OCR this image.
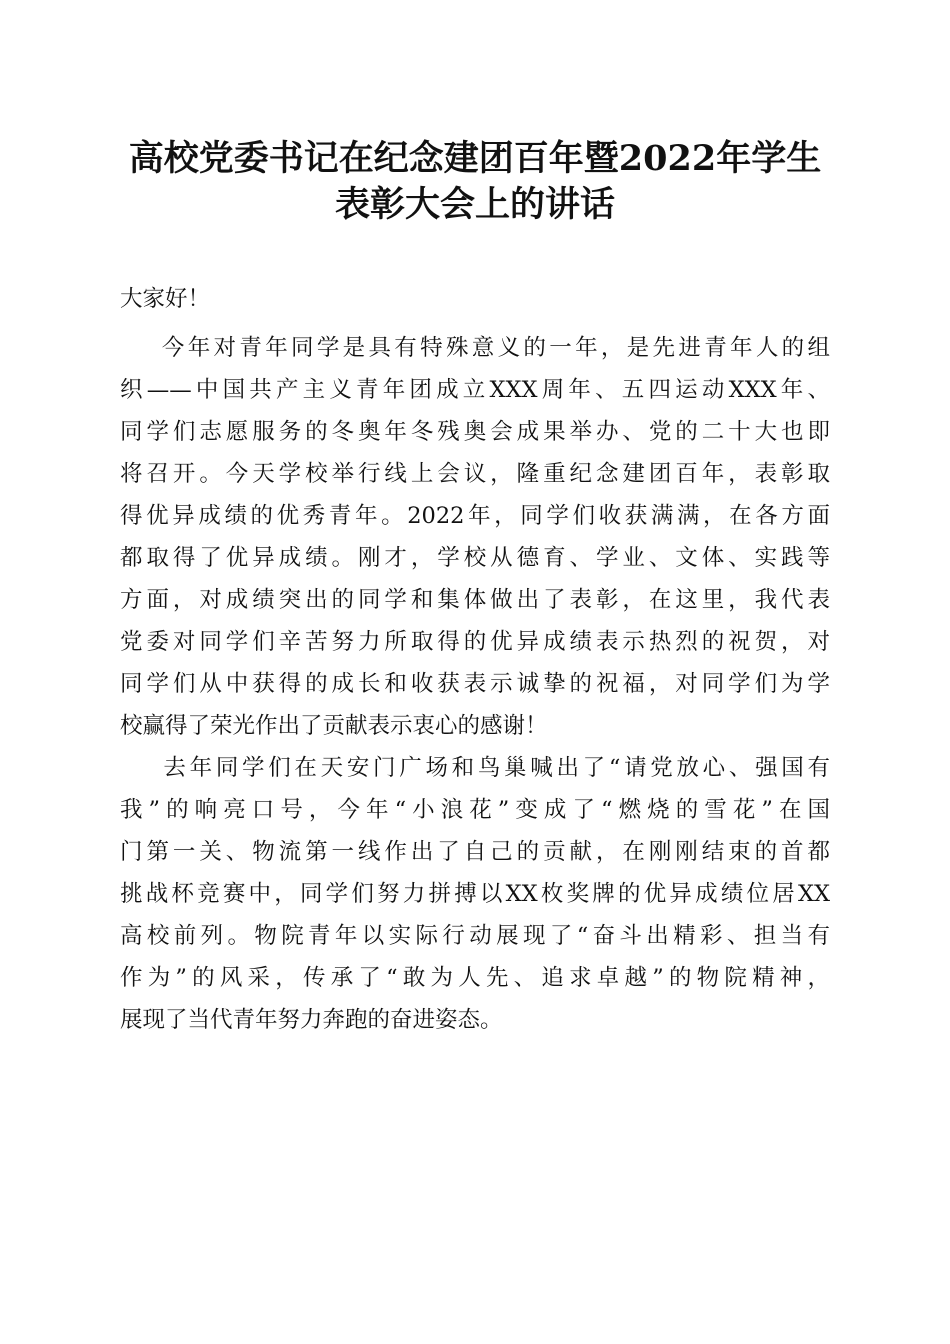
高校党委书记在纪念建团百年暨2022年学生
表彰大会上的讲话

大家好！

今年对青年同学是具有特殊意义的一年，是先进青年人的组

织——中国共产主义青年团成立XXX周年、五四运动XXX年、

同学们志愿服务的冬奥年冬残奥会成果举办、党的二十大也即

将召开。今天学校举行线上会议，隆重纪念建团百年，表彰取

得优异成绩的优秀青年。2022年，同学们收获满满，在各方面

都取得了优异成绩。刚才，学校从德育、学业、文体、实践等

方面，对成绩突出的同学和集体做出了表彰，在这里，我代表

党委对同学们辛苦努力所取得的优异成绩表示热烈的祝贺，对

同学们从中获得的成长和收获表示诚挚的祝福，对同学们为学

校赢得了荣光作出了贡献表示衷心的感谢！

去年同学们在天安门广场和鸟巢喊出了“请党放心、强国有

我”的响亮口号，今年“小浪花”变成了“燃烧的雪花”在国

门第一关、物流第一线作出了自己的贡献，在刚刚结束的首都

挑战杯竞赛中，同学们努力拼搏以XX枚奖牌的优异成绩位居XX

高校前列。物院青年以实际行动展现了“奋斗出精彩、担当有

作为”的风采，传承了“敢为人先、追求卓越”的物院精神，

展现了当代青年努力奔跑的奋进姿态。
